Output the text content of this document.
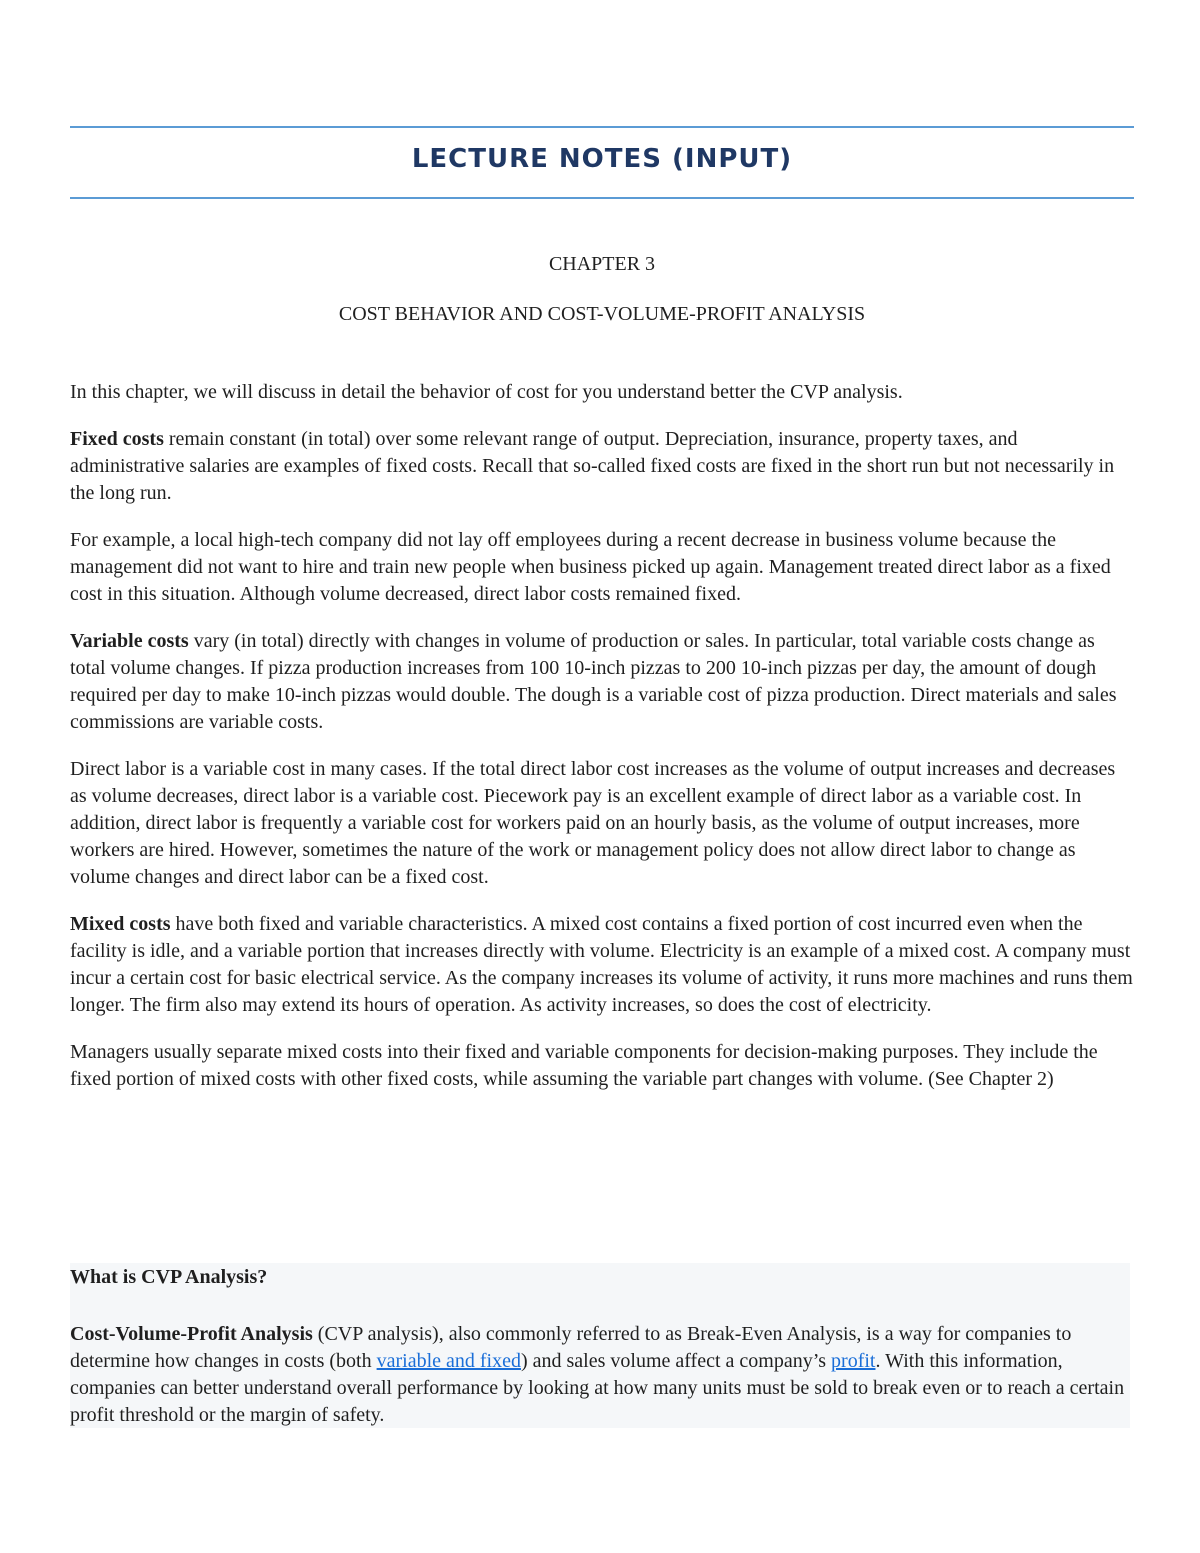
LECTURE NOTES (INPUT)
CHAPTER 3
COST BEHAVIOR AND COST-VOLUME-PROFIT ANALYSIS

In this chapter, we will discuss in detail the behavior of cost for you understand better the CVP analysis.

Fixed costs remain constant (in total) over some relevant range of output. Depreciation, insurance, property taxes, and administrative salaries are examples of fixed costs. Recall that so-called fixed costs are fixed in the short run but not necessarily in the long run.

For example, a local high-tech company did not lay off employees during a recent decrease in business volume because the management did not want to hire and train new people when business picked up again. Management treated direct labor as a fixed cost in this situation. Although volume decreased, direct labor costs remained fixed.

Variable costs vary (in total) directly with changes in volume of production or sales. In particular, total variable costs change as total volume changes. If pizza production increases from 100 10-inch pizzas to 200 10-inch pizzas per day, the amount of dough required per day to make 10-inch pizzas would double. The dough is a variable cost of pizza production. Direct materials and sales commissions are variable costs.

Direct labor is a variable cost in many cases. If the total direct labor cost increases as the volume of output increases and decreases as volume decreases, direct labor is a variable cost. Piecework pay is an excellent example of direct labor as a variable cost. In addition, direct labor is frequently a variable cost for workers paid on an hourly basis, as the volume of output increases, more workers are hired. However, sometimes the nature of the work or management policy does not allow direct labor to change as volume changes and direct labor can be a fixed cost.

Mixed costs have both fixed and variable characteristics. A mixed cost contains a fixed portion of cost incurred even when the facility is idle, and a variable portion that increases directly with volume. Electricity is an example of a mixed cost. A company must incur a certain cost for basic electrical service. As the company increases its volume of activity, it runs more machines and runs them longer. The firm also may extend its hours of operation. As activity increases, so does the cost of electricity.

Managers usually separate mixed costs into their fixed and variable components for decision-making purposes. They include the fixed portion of mixed costs with other fixed costs, while assuming the variable part changes with volume. (See Chapter 2)

What is CVP Analysis?
Cost-Volume-Profit Analysis (CVP analysis), also commonly referred to as Break-Even Analysis, is a way for companies to determine how changes in costs (both variable and fixed) and sales volume affect a company’s profit. With this information, companies can better understand overall performance by looking at how many units must be sold to break even or to reach a certain profit threshold or the margin of safety.
